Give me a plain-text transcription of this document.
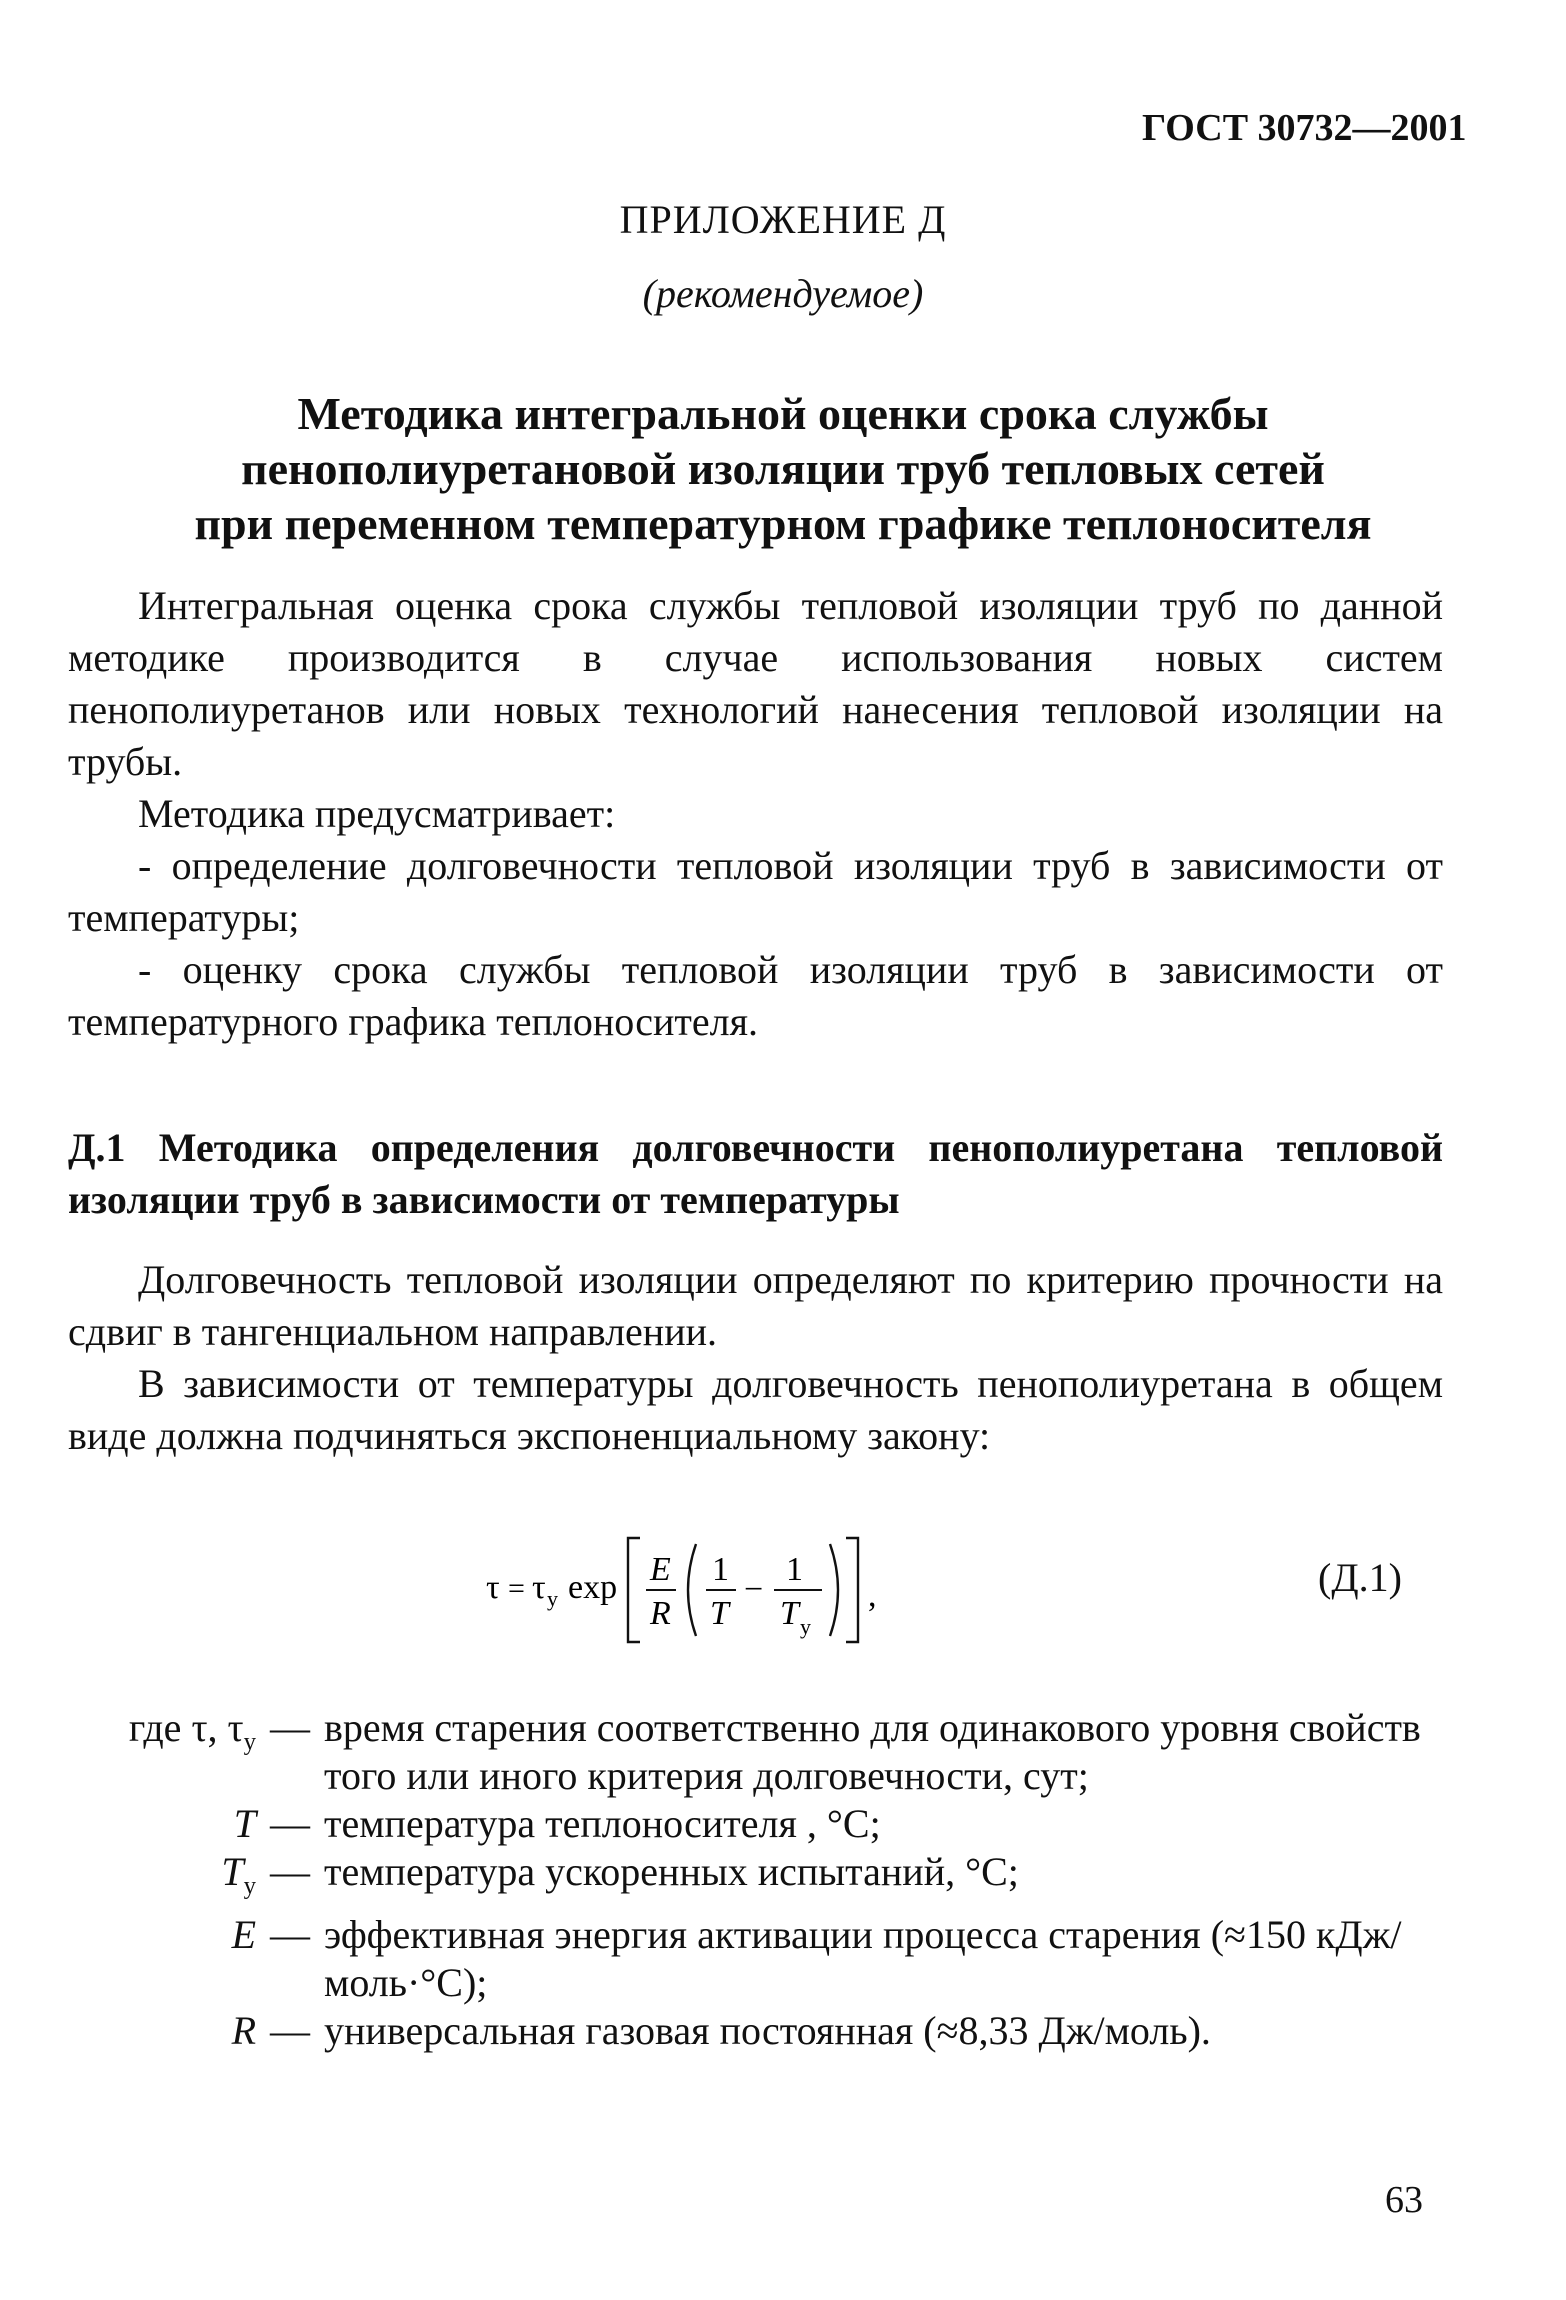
ГОСТ 30732—2001
ПРИЛОЖЕНИЕ Д
(рекомендуемое)
Методика интегральной оценки срока службы
пенополиуретановой изоляции труб тепловых сетей
при переменном температурном графике теплоносителя

Интегральная оценка срока службы тепловой изоляции труб по данной методике производится в случае использования новых систем пенополиуретанов или новых технологий нанесения тепловой изоляции на трубы.

Методика предусматривает:

- определение долговечности тепловой изоляции труб в зависимости от температуры;

- оценку срока службы тепловой изоляции труб в зависимости от температурного графика теплоносителя.

Д.1 Методика определения долговечности пенополиуретана тепловой изоляции труб в зависимости от температуры

Долговечность тепловой изоляции определяют по критерию прочности на сдвиг в тангенциальном направлении.

В зависимости от температуры долговечность пенополиуретана в общем виде должна подчиняться экспоненциальному закону:

τ = τ у exp E
R
1
T
−
1
T у
,	(Д.1)
где τ, $\tau_у$ — время старения соответственно для одинакового уровня свойств того или иного критерия долговечности, сут;
T — температура теплоносителя , °С;
$T_у$ — температура ускоренных испытаний, °С;
E — эффективная энергия активации процесса старения (≈150 кДж/моль·°С);
R — универсальная газовая постоянная (≈8,33 Дж/моль).
63
